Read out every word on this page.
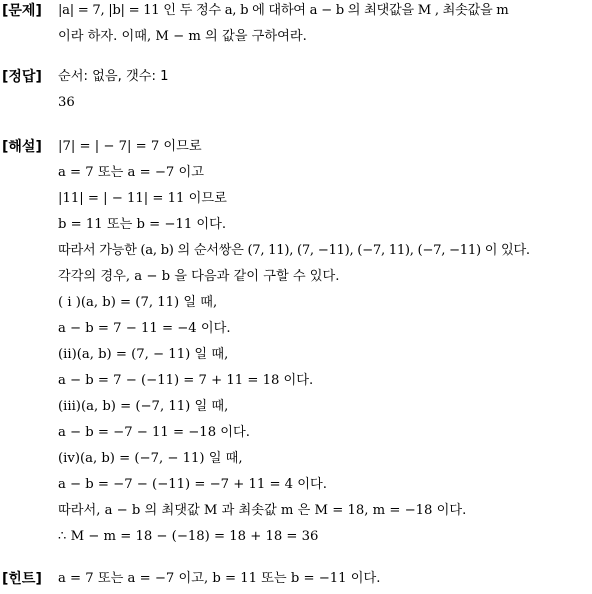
[문제] |a| = 7, |b| = 11 인 두 정수 a, b 에 대하여 a − b 의 최댓값을 M , 최솟값을 m
이라 하자. 이때, M − m 의 값을 구하여라.
[정답] 순서: 없음, 갯수: 1
36
[해설] |7| = | − 7| = 7 이므로
a = 7 또는 a = −7 이고
|11| = | − 11| = 11 이므로
b = 11 또는 b = −11 이다.
따라서 가능한 (a, b) 의 순서쌍은 (7, 11), (7, −11), (−7, 11), (−7, −11) 이 있다.
각각의 경우, a − b 을 다음과 같이 구할 수 있다.
( i )(a, b) = (7, 11) 일 때,
a − b = 7 − 11 = −4 이다.
(ii)(a, b) = (7, − 11) 일 때,
a − b = 7 − (−11) = 7 + 11 = 18 이다.
(iii)(a, b) = (−7, 11) 일 때,
a − b = −7 − 11 = −18 이다.
(iv)(a, b) = (−7, − 11) 일 때,
a − b = −7 − (−11) = −7 + 11 = 4 이다.
따라서, a − b 의 최댓값 M 과 최솟값 m 은 M = 18, m = −18 이다.
∴ M − m = 18 − (−18) = 18 + 18 = 36
[힌트] a = 7 또는 a = −7 이고, b = 11 또는 b = −11 이다.
